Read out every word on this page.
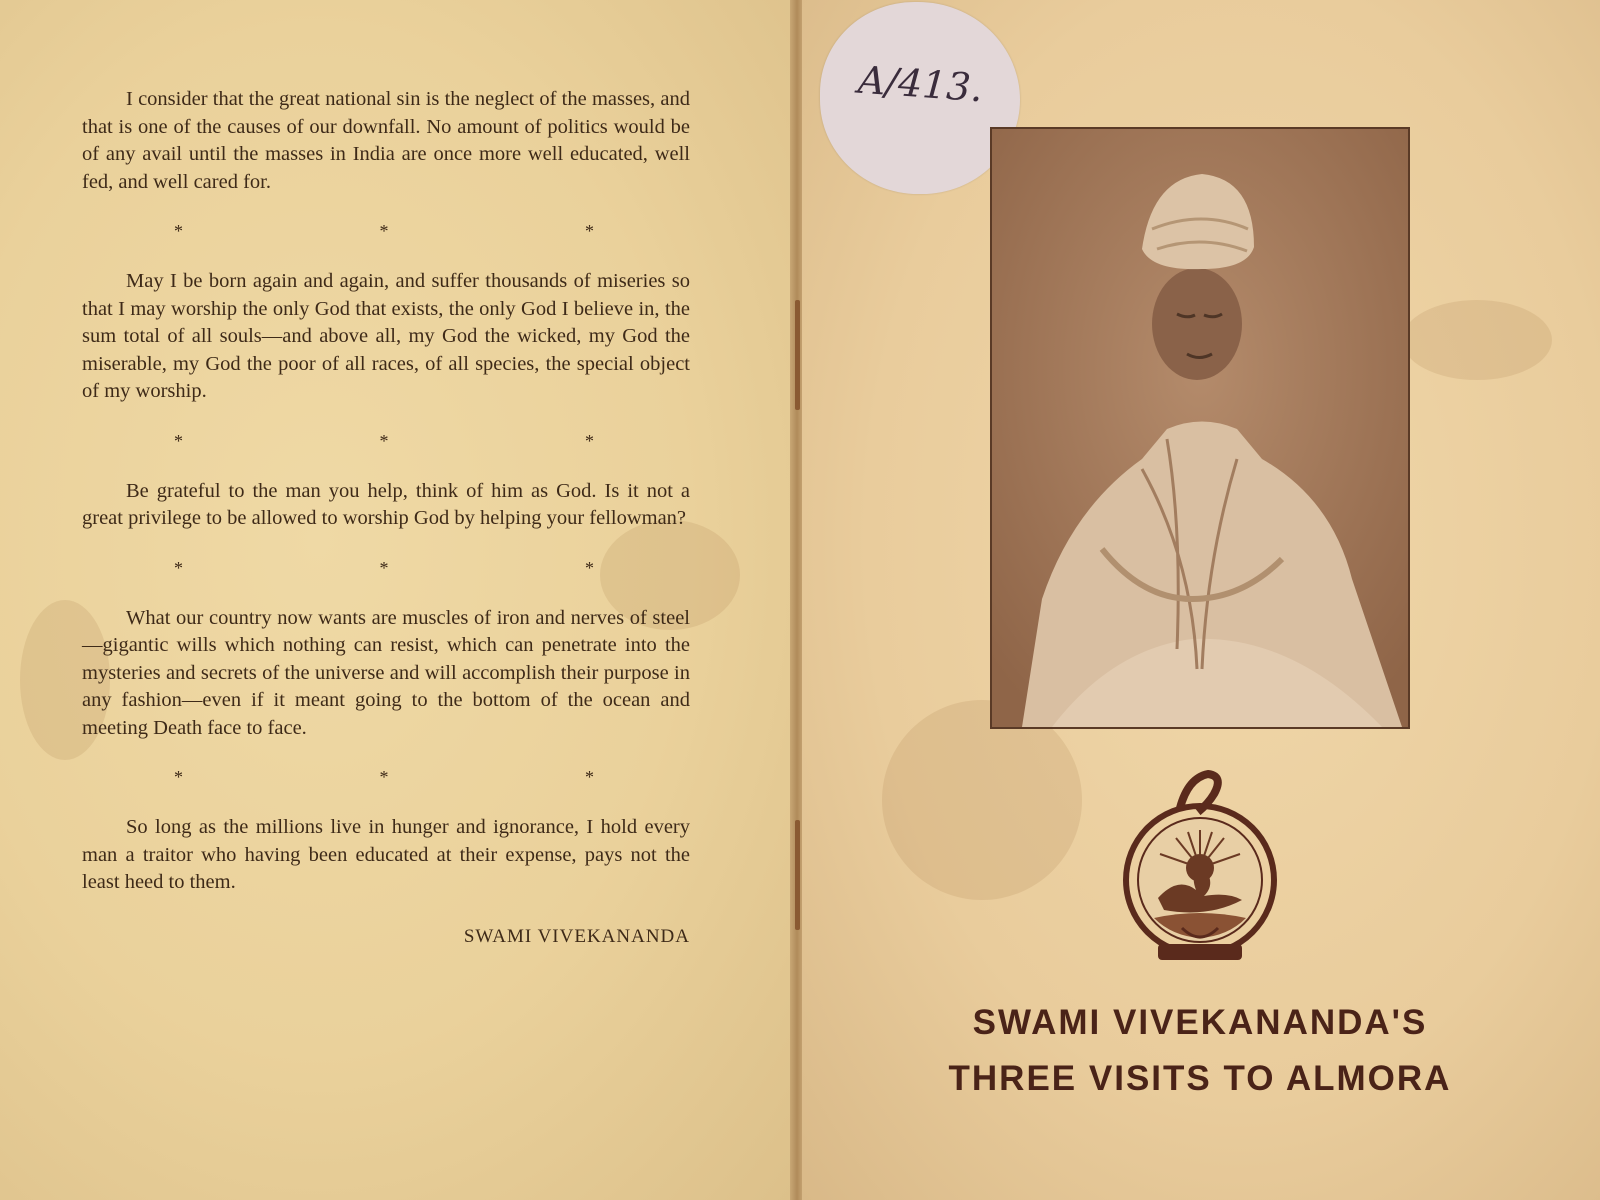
I consider that the great national sin is the neglect of the masses, and that is one of the causes of our downfall. No amount of politics would be of any avail until the masses in India are once more well educated, well fed, and well cared for.

*	*	*

May I be born again and again, and suffer thousands of miseries so that I may worship the only God that exists, the only God I believe in, the sum total of all souls—and above all, my God the wicked, my God the miserable, my God the poor of all races, of all species, the special object of my worship.

*	*	*

Be grateful to the man you help, think of him as God. Is it not a great privilege to be allowed to worship God by helping your fellowman?

*	*	*

What our country now wants are muscles of iron and nerves of steel—gigantic wills which nothing can resist, which can penetrate into the mysteries and secrets of the universe and will accomplish their purpose in any fashion—even if it meant going to the bottom of the ocean and meeting Death face to face.

*	*	*

So long as the millions live in hunger and ignorance, I hold every man a traitor who having been educated at their expense, pays not the least heed to them.

SWAMI VIVEKANANDA
A/413.
SWAMI VIVEKANANDA'S
THREE VISITS TO ALMORA
